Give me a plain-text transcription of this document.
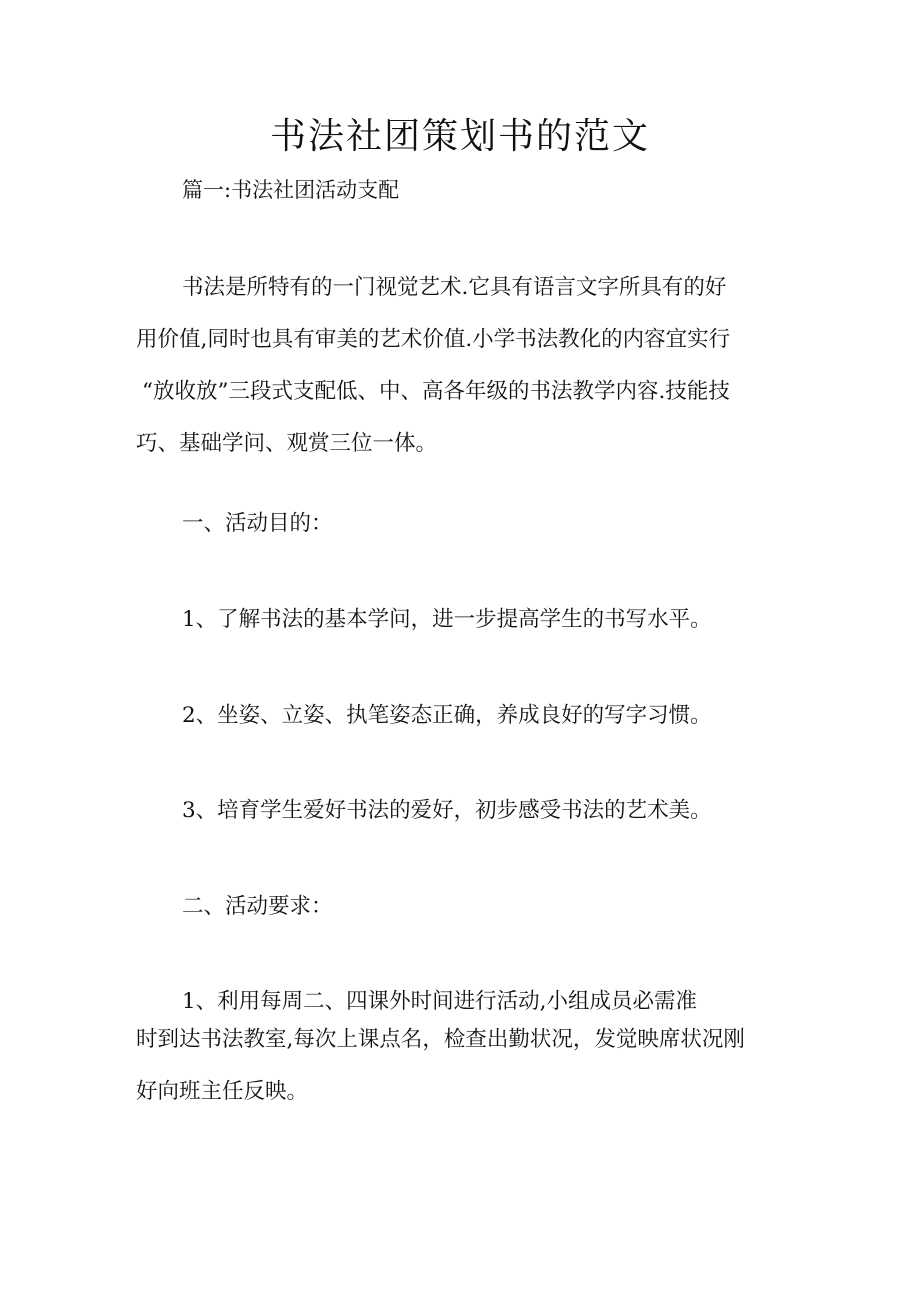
书法社团策划书的范文

篇一:书法社团活动支配

书法是所特有的一门视觉艺术.它具有语言文字所具有的好
用价值,同时也具有审美的艺术价值.小学书法教化的内容宜实行
“放收放”三段式支配低、中、高各年级的书法教学内容.技能技
巧、基础学问、观赏三位一体。

一、活动目的：

1、了解书法的基本学问，进一步提高学生的书写水平。

2、坐姿、立姿、执笔姿态正确，养成良好的写字习惯。

3、培育学生爱好书法的爱好，初步感受书法的艺术美。

二、活动要求：

1、利用每周二、四课外时间进行活动,小组成员必需准
时到达书法教室,每次上课点名，检查出勤状况，发觉映席状况刚
好向班主任反映。
